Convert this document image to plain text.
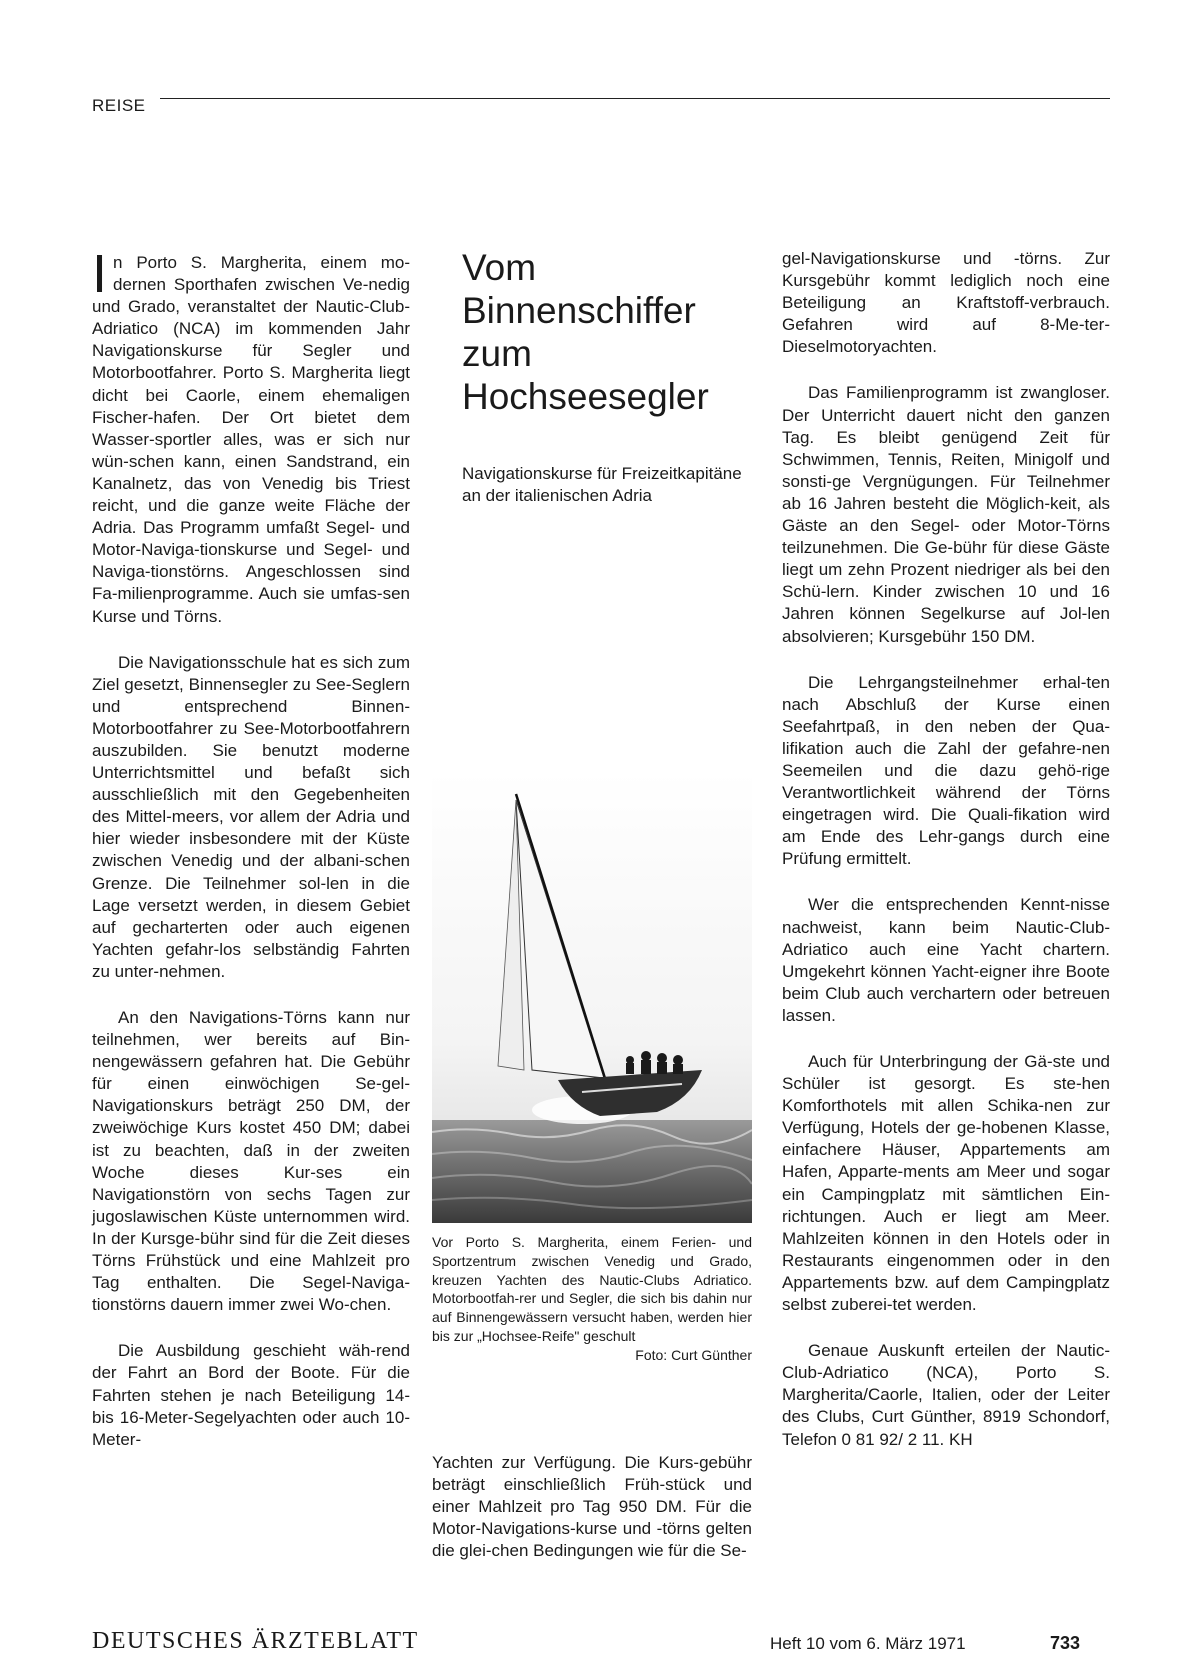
REISE

In Porto S. Margherita, einem mo-dernen Sporthafen zwischen Ve-nedig und Grado, veranstaltet der Nautic-Club-Adriatico (NCA) im kommenden Jahr Navigationskurse für Segler und Motorbootfahrer. Porto S. Margherita liegt dicht bei Caorle, einem ehemaligen Fischer-hafen. Der Ort bietet dem Wasser-sportler alles, was er sich nur wün-schen kann, einen Sandstrand, ein Kanalnetz, das von Venedig bis Triest reicht, und die ganze weite Fläche der Adria. Das Programm umfaßt Segel- und Motor-Naviga-tionskurse und Segel- und Naviga-tionstörns. Angeschlossen sind Fa-milienprogramme. Auch sie umfas-sen Kurse und Törns.

Die Navigationsschule hat es sich zum Ziel gesetzt, Binnensegler zu See-Seglern und entsprechend Binnen-Motorbootfahrer zu See-Motorbootfahrern auszubilden. Sie benutzt moderne Unterrichtsmittel und befaßt sich ausschließlich mit den Gegebenheiten des Mittel-meers, vor allem der Adria und hier wieder insbesondere mit der Küste zwischen Venedig und der albani-schen Grenze. Die Teilnehmer sol-len in die Lage versetzt werden, in diesem Gebiet auf gecharterten oder auch eigenen Yachten gefahr-los selbständig Fahrten zu unter-nehmen.

An den Navigations-Törns kann nur teilnehmen, wer bereits auf Bin-nengewässern gefahren hat. Die Gebühr für einen einwöchigen Se-gel-Navigationskurs beträgt 250 DM, der zweiwöchige Kurs kostet 450 DM; dabei ist zu beachten, daß in der zweiten Woche dieses Kur-ses ein Navigationstörn von sechs Tagen zur jugoslawischen Küste unternommen wird. In der Kursge-bühr sind für die Zeit dieses Törns Frühstück und eine Mahlzeit pro Tag enthalten. Die Segel-Naviga-tionstörns dauern immer zwei Wo-chen.

Die Ausbildung geschieht wäh-rend der Fahrt an Bord der Boote. Für die Fahrten stehen je nach Beteiligung 14- bis 16-Meter-Segelyachten oder auch 10-Meter-

Vom Binnenschiffer zum Hochseesegler
Navigationskurse für Freizeitkapitäne an der italienischen Adria
Vor Porto S. Margherita, einem Ferien- und Sportzentrum zwischen Venedig und Grado, kreuzen Yachten des Nautic-Clubs Adriatico. Motorbootfah-rer und Segler, die sich bis dahin nur auf Binnengewässern versucht haben, werden hier bis zur „Hochsee-Reife" geschult
Foto: Curt Günther

Yachten zur Verfügung. Die Kurs-gebühr beträgt einschließlich Früh-stück und einer Mahlzeit pro Tag 950 DM. Für die Motor-Navigations-kurse und -törns gelten die glei-chen Bedingungen wie für die Se-

gel-Navigationskurse und -törns. Zur Kursgebühr kommt lediglich noch eine Beteiligung an Kraftstoff-verbrauch. Gefahren wird auf 8-Me-ter-Dieselmotoryachten.

Das Familienprogramm ist zwangloser. Der Unterricht dauert nicht den ganzen Tag. Es bleibt genügend Zeit für Schwimmen, Tennis, Reiten, Minigolf und sonsti-ge Vergnügungen. Für Teilnehmer ab 16 Jahren besteht die Möglich-keit, als Gäste an den Segel- oder Motor-Törns teilzunehmen. Die Ge-bühr für diese Gäste liegt um zehn Prozent niedriger als bei den Schü-lern. Kinder zwischen 10 und 16 Jahren können Segelkurse auf Jol-len absolvieren; Kursgebühr 150 DM.

Die Lehrgangsteilnehmer erhal-ten nach Abschluß der Kurse einen Seefahrtpaß, in den neben der Qua-lifikation auch die Zahl der gefahre-nen Seemeilen und die dazu gehö-rige Verantwortlichkeit während der Törns eingetragen wird. Die Quali-fikation wird am Ende des Lehr-gangs durch eine Prüfung ermittelt.

Wer die entsprechenden Kennt-nisse nachweist, kann beim Nautic-Club-Adriatico auch eine Yacht chartern. Umgekehrt können Yacht-eigner ihre Boote beim Club auch verchartern oder betreuen lassen.

Auch für Unterbringung der Gä-ste und Schüler ist gesorgt. Es ste-hen Komforthotels mit allen Schika-nen zur Verfügung, Hotels der ge-hobenen Klasse, einfachere Häuser, Appartements am Hafen, Apparte-ments am Meer und sogar ein Campingplatz mit sämtlichen Ein-richtungen. Auch er liegt am Meer. Mahlzeiten können in den Hotels oder in Restaurants eingenommen oder in den Appartements bzw. auf dem Campingplatz selbst zuberei-tet werden.

Genaue Auskunft erteilen der Nautic-Club-Adriatico (NCA), Porto S. Margherita/Caorle, Italien, oder der Leiter des Clubs, Curt Günther, 8919 Schondorf, Telefon 0 81 92/ 2 11. KH

DEUTSCHES ÄRZTEBLATT	Heft 10 vom 6. März 1971	733
